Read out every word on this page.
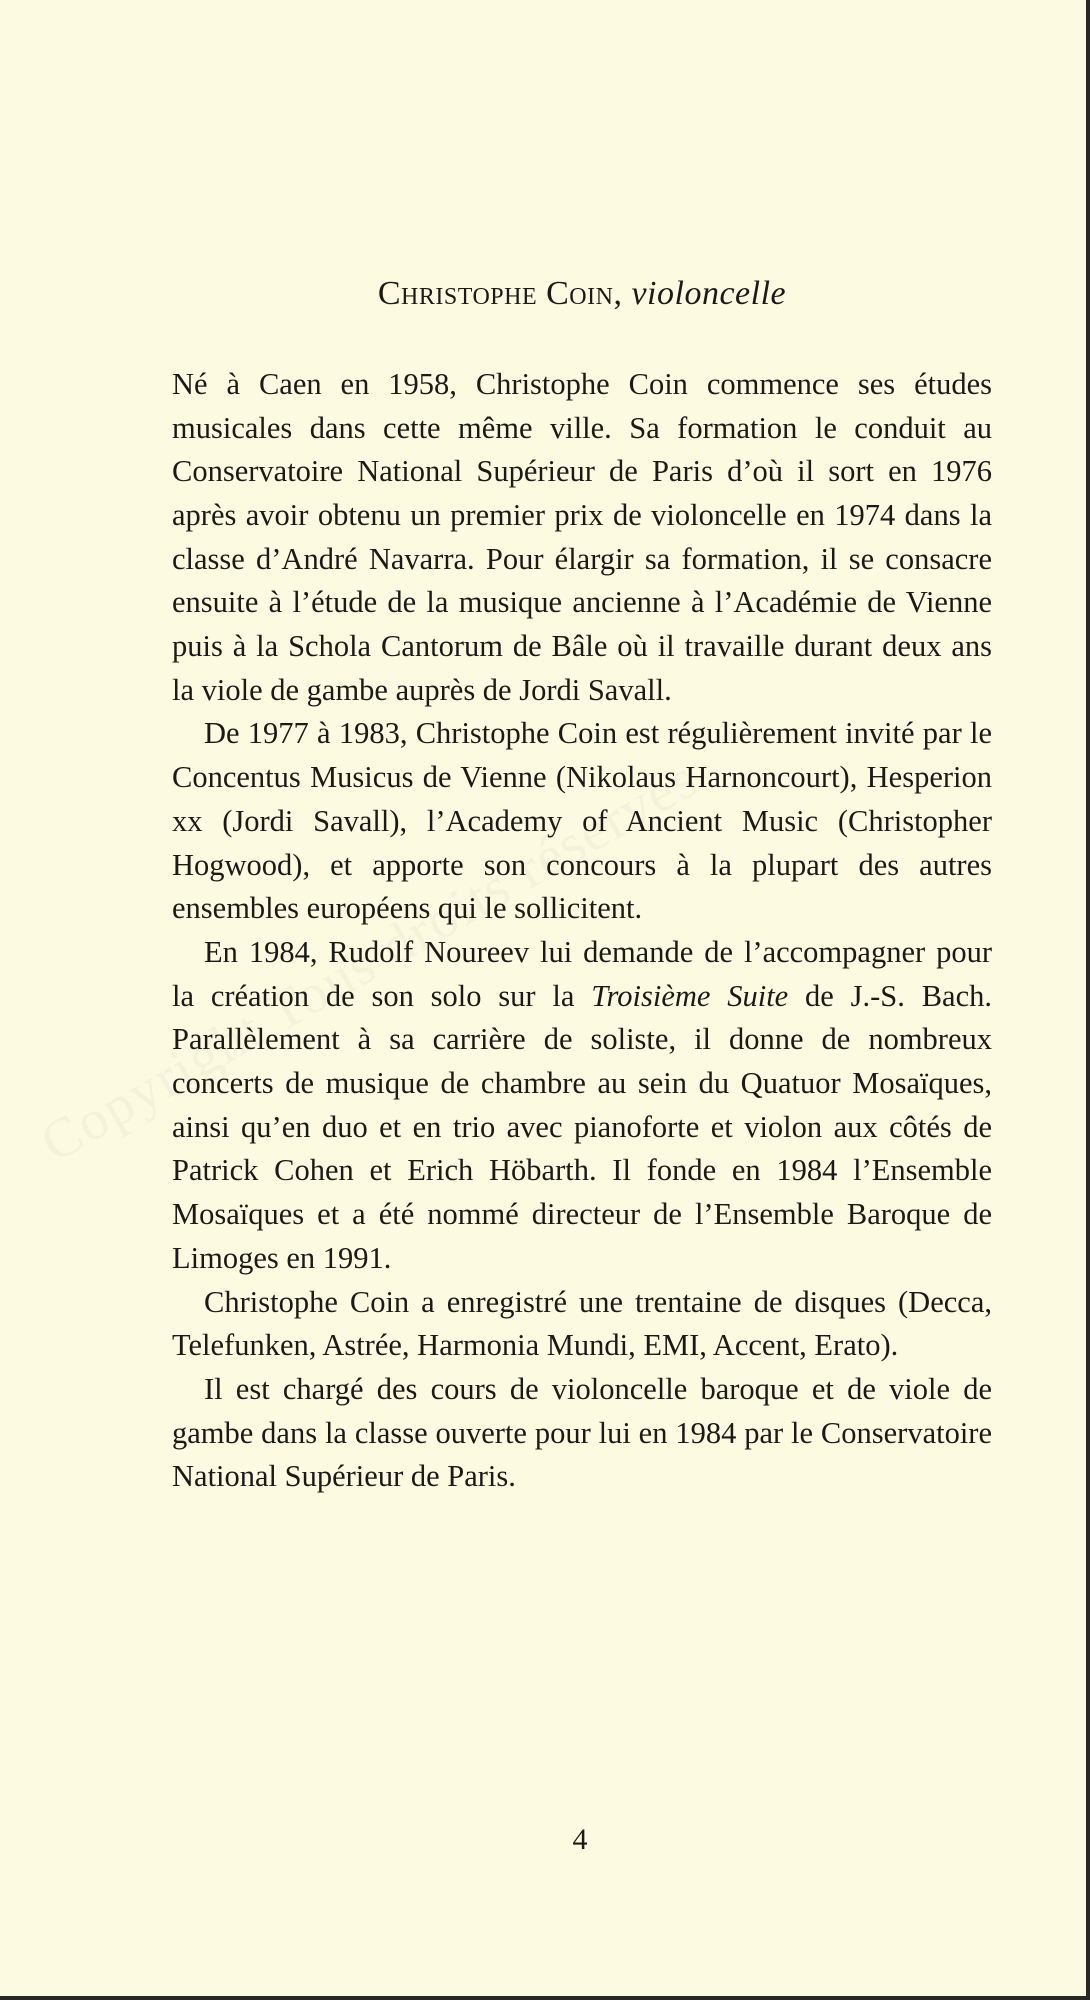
Christophe Coin, violoncelle

Né à Caen en 1958, Christophe Coin commence ses études musicales dans cette même ville. Sa formation le conduit au Conservatoire National Supérieur de Paris d’où il sort en 1976 après avoir obtenu un premier prix de violoncelle en 1974 dans la classe d’André Navarra. Pour élargir sa formation, il se consacre ensuite à l’étude de la musique ancienne à l’Académie de Vienne puis à la Schola Cantorum de Bâle où il travaille durant deux ans la viole de gambe auprès de Jordi Savall.

De 1977 à 1983, Christophe Coin est régulièrement invité par le Concentus Musicus de Vienne (Nikolaus Harnoncourt), Hesperion xx (Jordi Savall), l’Academy of Ancient Music (Christopher Hogwood), et apporte son concours à la plupart des autres ensembles européens qui le sollicitent.

En 1984, Rudolf Noureev lui demande de l’accompagner pour la création de son solo sur la Troisième Suite de J.-S. Bach. Parallèlement à sa carrière de soliste, il donne de nombreux concerts de musique de chambre au sein du Quatuor Mosaïques, ainsi qu’en duo et en trio avec pianoforte et violon aux côtés de Patrick Cohen et Erich Höbarth. Il fonde en 1984 l’Ensemble Mosaïques et a été nommé directeur de l’Ensemble Baroque de Limoges en 1991.

Christophe Coin a enregistré une trentaine de disques (Decca, Telefunken, Astrée, Harmonia Mundi, EMI, Accent, Erato).

Il est chargé des cours de violoncelle baroque et de viole de gambe dans la classe ouverte pour lui en 1984 par le Conservatoire National Supérieur de Paris.

4
